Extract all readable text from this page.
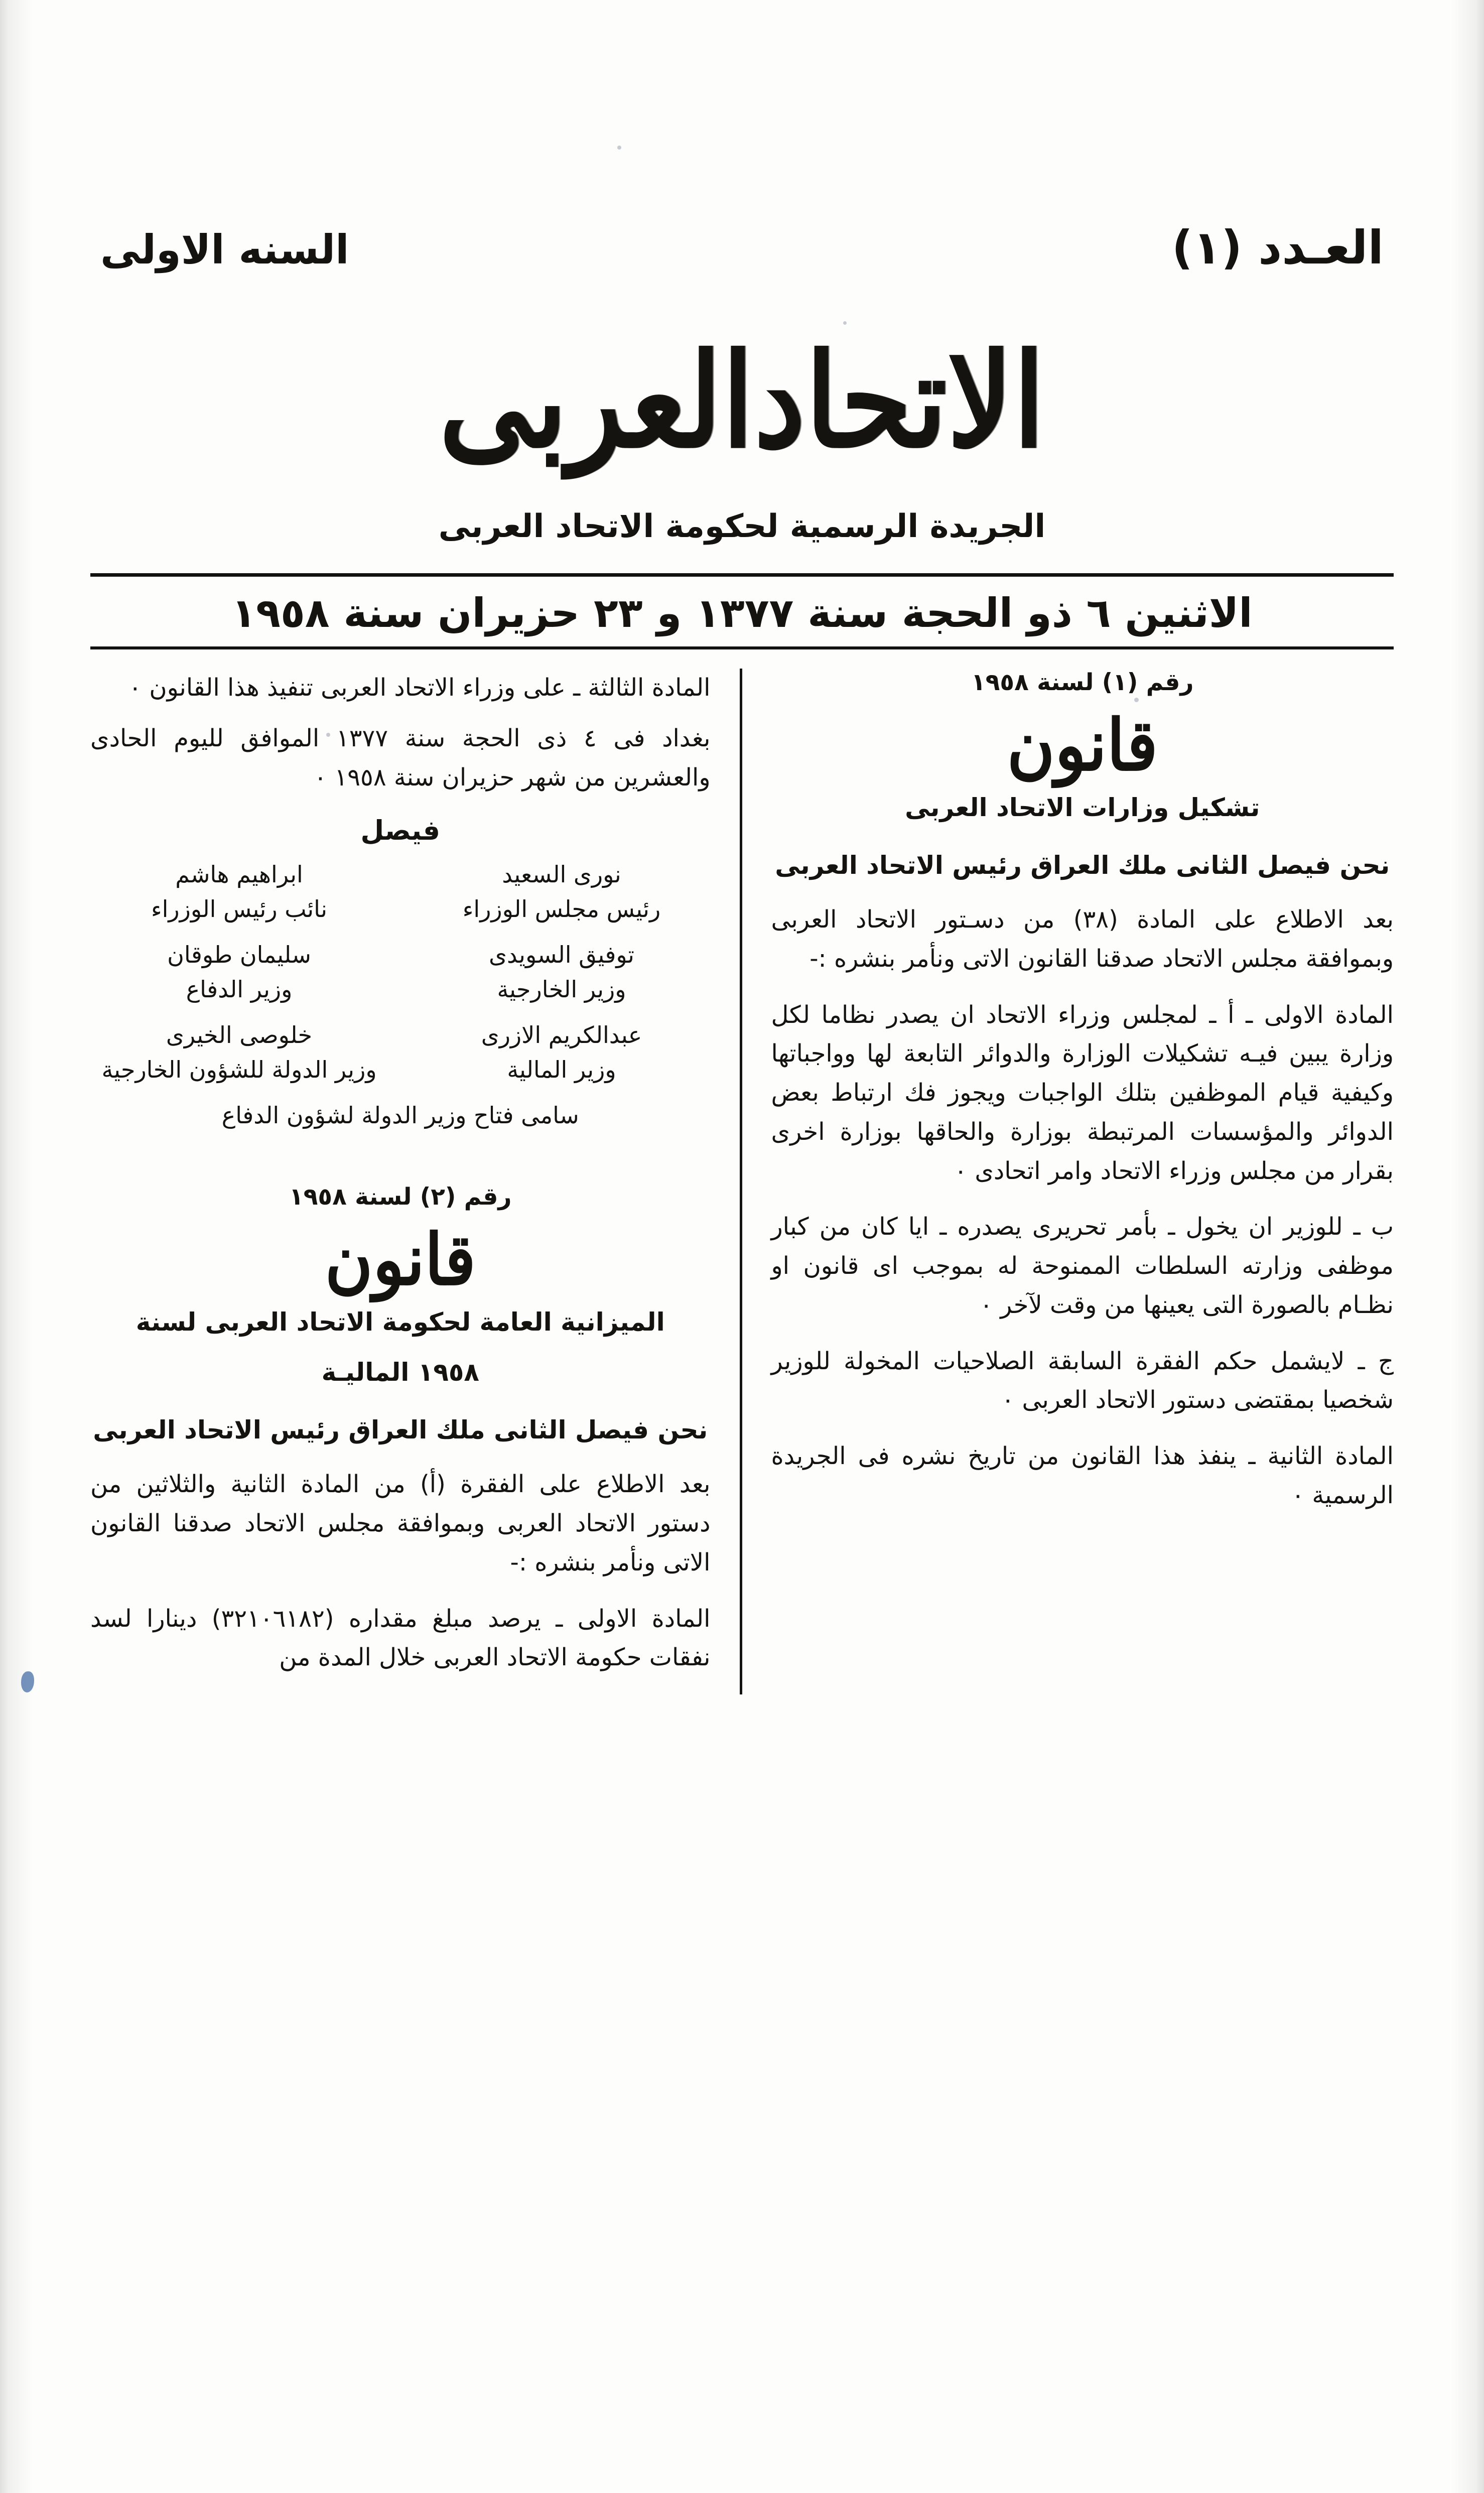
العـدد (١)
السنه الاولى
الاتحادالعربى
الجريدة الرسمية لحكومة الاتحاد العربى
الاثنين ٦ ذو الحجة سنة ١٣٧٧ و ٢٣ حزيران سنة ١٩٥٨
رقم (١) لسنة ١٩٥٨
قانون
تشكيل وزارات الاتحاد العربى
نحن فيصل الثانى ملك العراق رئيس الاتحاد العربى

بعد الاطلاع على المادة (٣٨) من دسـتور الاتحاد العربى وبموافقة مجلس الاتحاد صدقنا القانون الاتى ونأمر بنشره :-

المادة الاولى ـ أ ـ لمجلس وزراء الاتحاد ان يصدر نظاما لكل وزارة يبين فيـه تشكيلات الوزارة والدوائر التابعة لها وواجباتها وكيفية قيام الموظفين بتلك الواجبات ويجوز فك ارتباط بعض الدوائر والمؤسسات المرتبطة بوزارة والحاقها بوزارة اخرى بقرار من مجلس وزراء الاتحاد وامر اتحادى ٠

ب ـ للوزير ان يخول ـ بأمر تحريرى يصدره ـ ايا كان من كبار موظفى وزارته السلطات الممنوحة له بموجب اى قانون او نظـام بالصورة التى يعينها من وقت لآخر ٠

ج ـ لايشمل حكم الفقرة السابقة الصلاحيات المخولة للوزير شخصيا بمقتضى دستور الاتحاد العربى ٠

المادة الثانية ـ ينفذ هذا القانون من تاريخ نشره فى الجريدة الرسمية ٠

المادة الثالثة ـ على وزراء الاتحاد العربى تنفيذ هذا القانون ٠

بغداد فى ٤ ذى الحجة سنة ١٣٧٧ الموافق لليوم الحادى والعشرين من شهر حزيران سنة ١٩٥٨ ٠

فيصل
نورى السعيد
رئيس مجلس الوزراء
ابراهيم هاشم
نائب رئيس الوزراء
توفيق السويدى
وزير الخارجية
سليمان طوقان
وزير الدفاع
عبدالكريم الازرى
وزير المالية
خلوصى الخيرى
وزير الدولة للشؤون الخارجية
سامى فتاح وزير الدولة لشؤون الدفاع
رقم (٢) لسنة ١٩٥٨
قانون
الميزانية العامة لحكومة الاتحاد العربى لسنة
١٩٥٨ الماليـة
نحن فيصل الثانى ملك العراق رئيس الاتحاد العربى

بعد الاطلاع على الفقرة (أ) من المادة الثانية والثلاثين من دستور الاتحاد العربى وبموافقة مجلس الاتحاد صدقنا القانون الاتى ونأمر بنشره :-

المادة الاولى ـ يرصد مبلغ مقداره (٣٢١٠٦١٨٢) دينارا لسد نفقات حكومة الاتحاد العربى خلال المدة من
